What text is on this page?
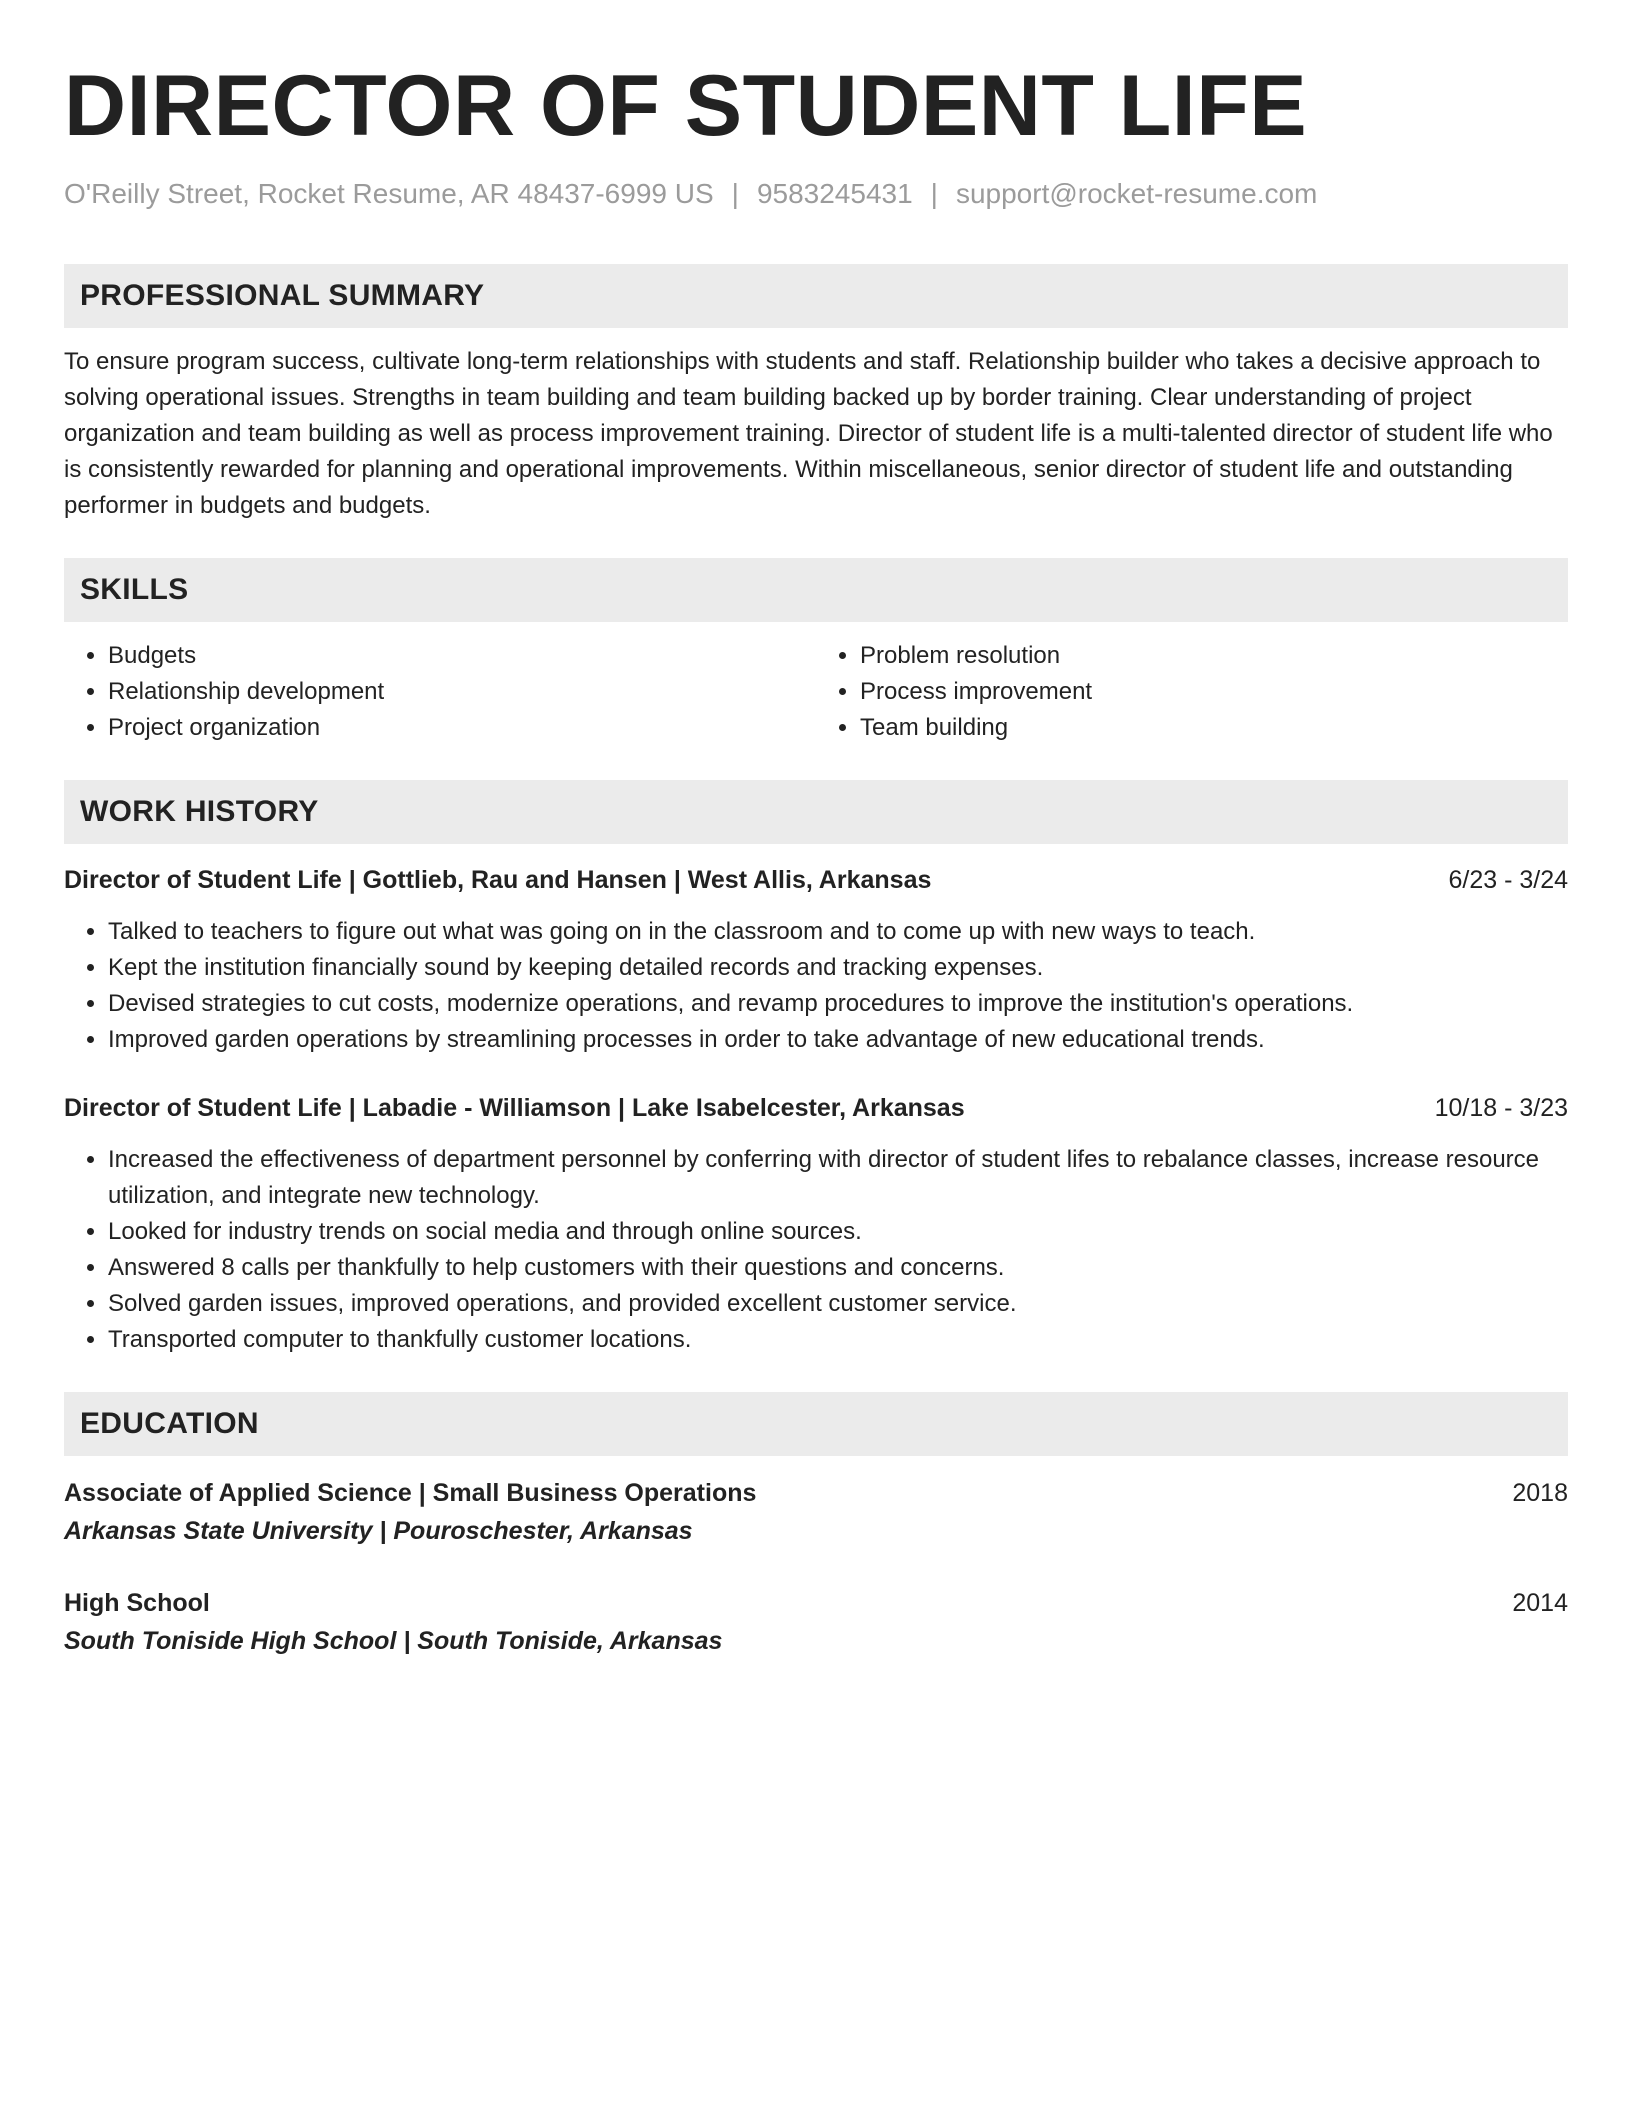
DIRECTOR OF STUDENT LIFE
O'Reilly Street, Rocket Resume, AR 48437-6999 US | 9583245431 | support@rocket-resume.com
PROFESSIONAL SUMMARY

To ensure program success, cultivate long-term relationships with students and staff. Relationship builder who takes a decisive approach to solving operational issues. Strengths in team building and team building backed up by border training. Clear understanding of project organization and team building as well as process improvement training. Director of student life is a multi-talented director of student life who is consistently rewarded for planning and operational improvements. Within miscellaneous, senior director of student life and outstanding performer in budgets and budgets.

SKILLS
• Budgets
• Relationship development
• Project organization
• Problem resolution
• Process improvement
• Team building
WORK HISTORY
Director of Student Life | Gottlieb, Rau and Hansen | West Allis, Arkansas	6/23 - 3/24
• Talked to teachers to figure out what was going on in the classroom and to come up with new ways to teach.
• Kept the institution financially sound by keeping detailed records and tracking expenses.
• Devised strategies to cut costs, modernize operations, and revamp procedures to improve the institution's operations.
• Improved garden operations by streamlining processes in order to take advantage of new educational trends.
Director of Student Life | Labadie - Williamson | Lake Isabelcester, Arkansas	10/18 - 3/23
• Increased the effectiveness of department personnel by conferring with director of student lifes to rebalance classes, increase resource utilization, and integrate new technology.
• Looked for industry trends on social media and through online sources.
• Answered 8 calls per thankfully to help customers with their questions and concerns.
• Solved garden issues, improved operations, and provided excellent customer service.
• Transported computer to thankfully customer locations.
EDUCATION
Associate of Applied Science | Small Business Operations	2018
Arkansas State University | Pouroschester, Arkansas
High School	2014
South Toniside High School | South Toniside, Arkansas
